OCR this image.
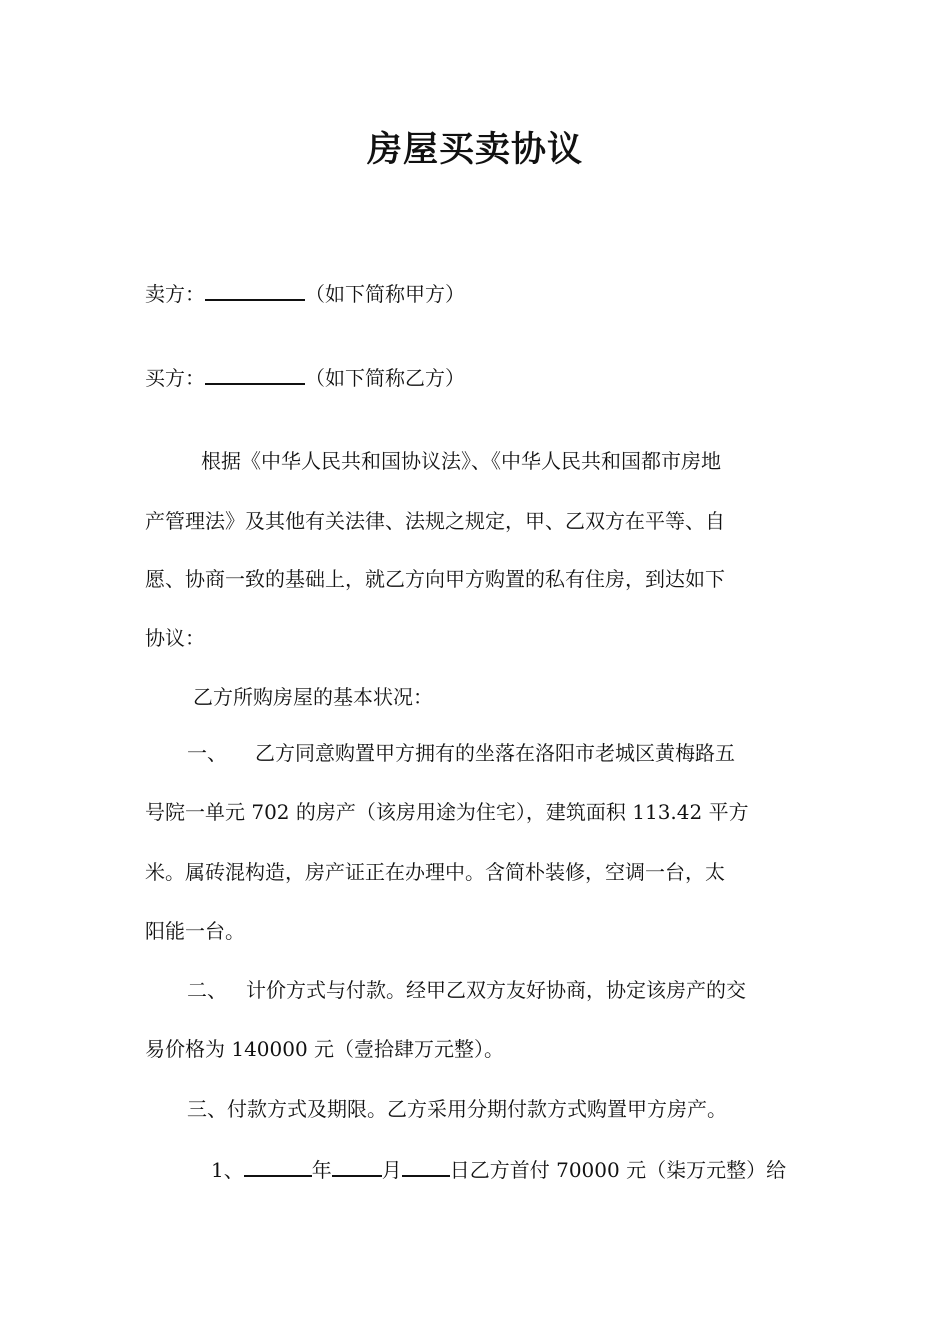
房屋买卖协议
卖方：	（如下简称甲方）
买方：	（如下简称乙方）
根据《中华人民共和国协议法》、《中华人民共和国都市房地
产管理法》及其他有关法律、法规之规定，甲、乙双方在平等、自
愿、协商一致的基础上，就乙方向甲方购置的私有住房，到达如下
协议：
乙方所购房屋的基本状况：
一、 乙方同意购置甲方拥有的坐落在洛阳市老城区黄梅路五
号院一单元 702 的房产（该房用途为住宅），建筑面积 113.42 平方
米。属砖混构造，房产证正在办理中。含简朴装修，空调一台，太
阳能一台。
二、 计价方式与付款。经甲乙双方友好协商，协定该房产的交
易价格为 140000 元（壹拾肆万元整）。
三、付款方式及期限。乙方采用分期付款方式购置甲方房产。
1、	年	月 日乙方首付 70000 元（柒万元整）给
